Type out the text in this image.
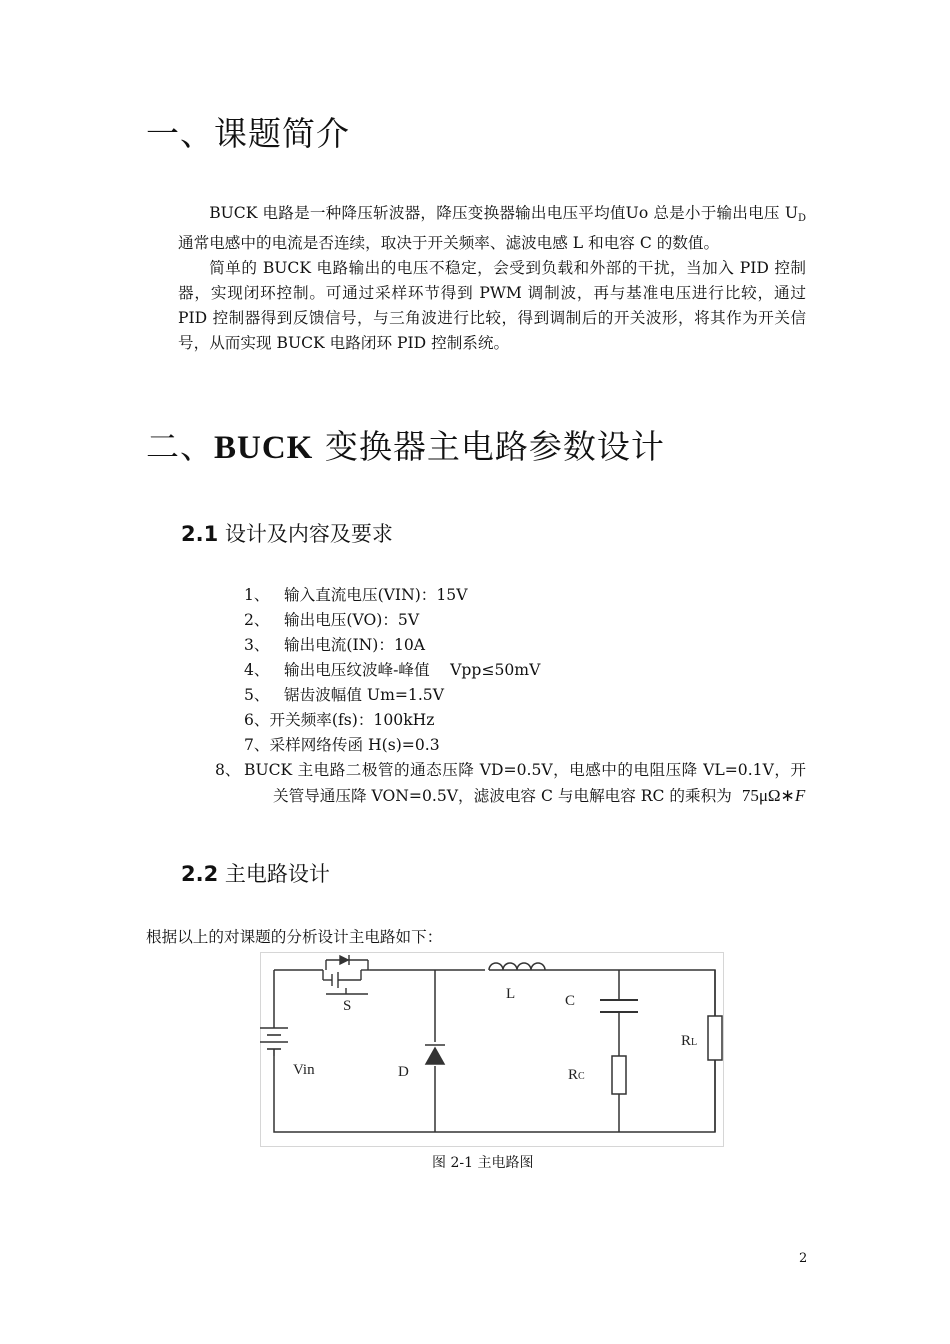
一、课题简介

BUCK 电路是一种降压斩波器，降压变换器输出电压平均值Uo 总是小于输出电压 $U_D$通常电感中的电流是否连续，取决于开关频率、滤波电感 L 和电容 C 的数值。

简单的 BUCK 电路输出的电压不稳定，会受到负载和外部的干扰，当加入 PID 控制器，实现闭环控制。可通过采样环节得到 PWM 调制波，再与基准电压进行比较，通过 PID 控制器得到反馈信号，与三角波进行比较，得到调制后的开关波形，将其作为开关信号，从而实现 BUCK 电路闭环 PID 控制系统。

二、BUCK 变换器主电路参数设计
2.1 设计及内容及要求
1、 输入直流电压(VIN)：15V
2、 输出电压(VO)：5V
3、 输出电流(IN)：10A
4、 输出电压纹波峰-峰值　 Vpp≤50mV
5、 锯齿波幅值 Um=1.5V
6、开关频率(fs)：100kHz
7、采样网络传函 H(s)=0.3
8、 BUCK 主电路二极管的通态压降 VD=0.5V，电感中的电阻压降 VL=0.1V，开关管导通压降 VON=0.5V，滤波电容 C 与电解电容 RC 的乘积为 75μΩ∗F
2.2 主电路设计
根据以上的对课题的分析设计主电路如下：
S
L	C
Vin	D	RC
RL
图 2-1 主电路图
2
